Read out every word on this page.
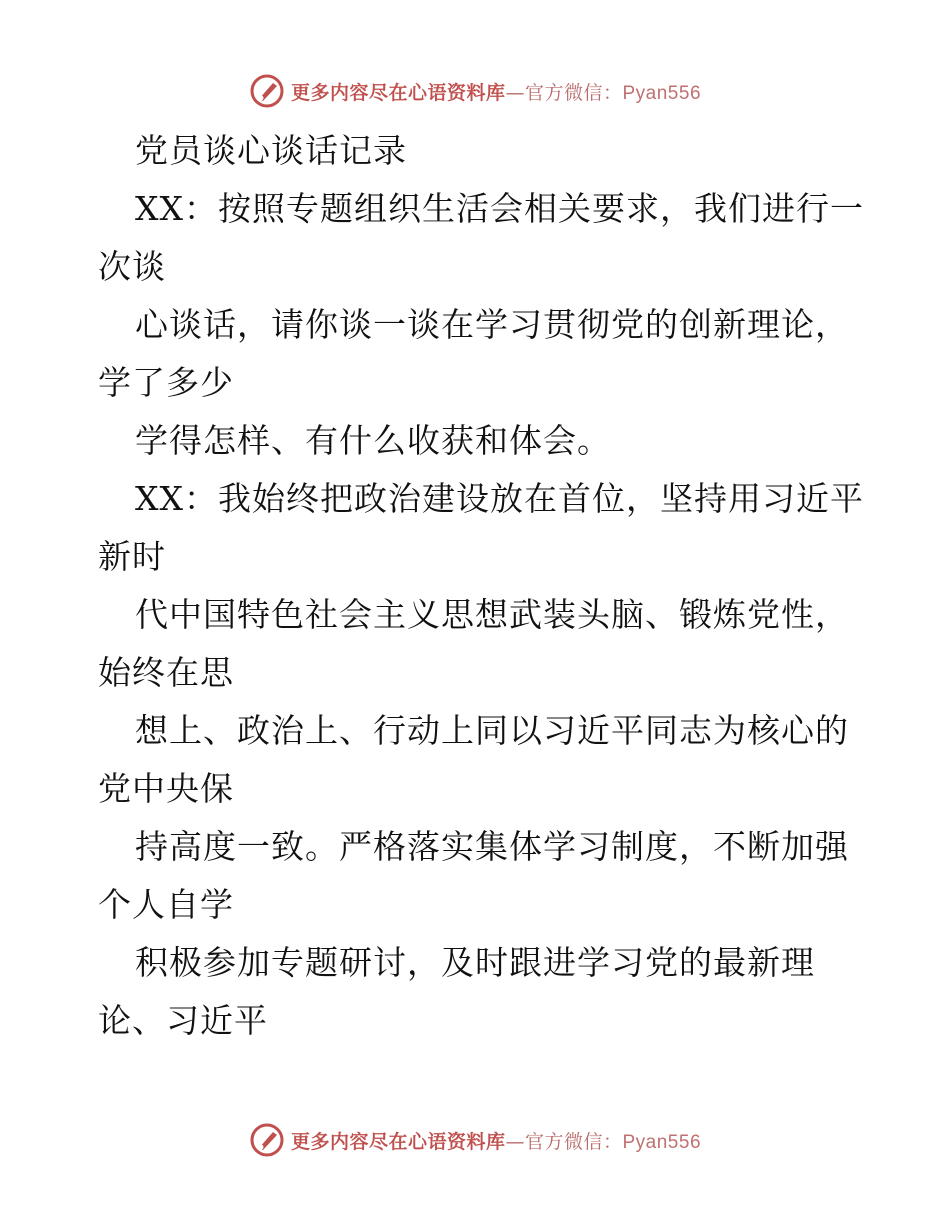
更多内容尽在心语资料库—官方微信：Pyan556
党员谈心谈话记录
XX：按照专题组织生活会相关要求，我们进行一
次谈
心谈话，请你谈一谈在学习贯彻党的创新理论，
学了多少
学得怎样、有什么收获和体会。
XX：我始终把政治建设放在首位，坚持用习近平
新时
代中国特色社会主义思想武装头脑、锻炼党性，
始终在思
想上、政治上、行动上同以习近平同志为核心的
党中央保
持高度一致。严格落实集体学习制度，不断加强
个人自学
积极参加专题研讨，及时跟进学习党的最新理
论、习近平
更多内容尽在心语资料库—官方微信：Pyan556
